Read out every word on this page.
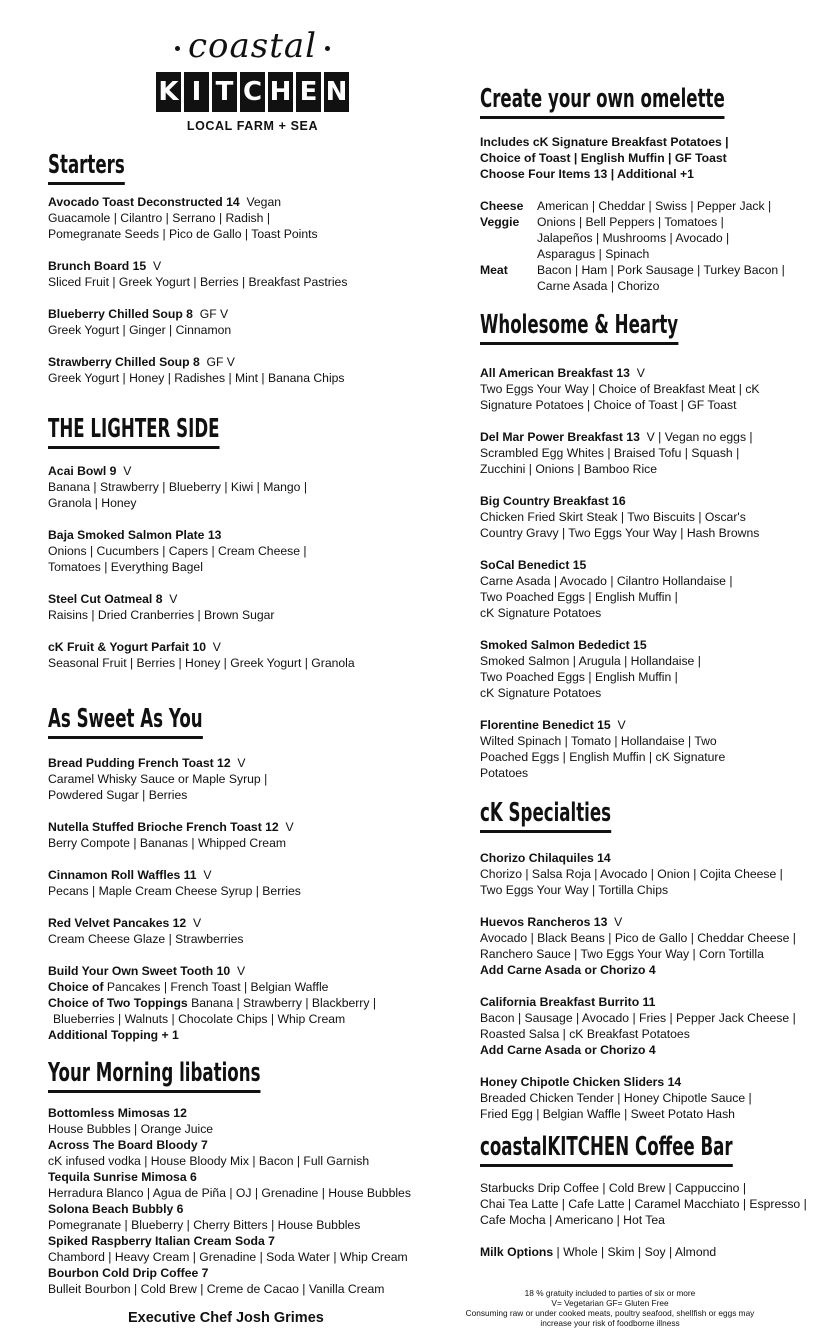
coastal
K I T C H E N
LOCAL FARM + SEA
Starters
Avocado Toast Deconstructed 14 Vegan
Guacamole | Cilantro | Serrano | Radish |
Pomegranate Seeds | Pico de Gallo | Toast Points
Brunch Board 15 V
Sliced Fruit | Greek Yogurt | Berries | Breakfast Pastries
Blueberry Chilled Soup 8 GF V
Greek Yogurt | Ginger | Cinnamon
Strawberry Chilled Soup 8 GF V
Greek Yogurt | Honey | Radishes | Mint | Banana Chips
THE LIGHTER SIDE
Acai Bowl 9 V
Banana | Strawberry | Blueberry | Kiwi | Mango |
Granola | Honey
Baja Smoked Salmon Plate 13
Onions | Cucumbers | Capers | Cream Cheese |
Tomatoes | Everything Bagel
Steel Cut Oatmeal 8 V
Raisins | Dried Cranberries | Brown Sugar
cK Fruit & Yogurt Parfait 10 V
Seasonal Fruit | Berries | Honey | Greek Yogurt | Granola
As Sweet As You
Bread Pudding French Toast 12 V
Caramel Whisky Sauce or Maple Syrup |
Powdered Sugar | Berries
Nutella Stuffed Brioche French Toast 12 V
Berry Compote | Bananas | Whipped Cream
Cinnamon Roll Waffles 11 V
Pecans | Maple Cream Cheese Syrup | Berries
Red Velvet Pancakes 12 V
Cream Cheese Glaze | Strawberries
Build Your Own Sweet Tooth 10 V
Choice of Pancakes | French Toast | Belgian Waffle
Choice of Two Toppings Banana | Strawberry | Blackberry |
Blueberries | Walnuts | Chocolate Chips | Whip Cream
Additional Topping + 1
Your Morning libations
Bottomless Mimosas 12
House Bubbles | Orange Juice
Across The Board Bloody 7
cK infused vodka | House Bloody Mix | Bacon | Full Garnish
Tequila Sunrise Mimosa 6
Herradura Blanco | Agua de Piña | OJ | Grenadine | House Bubbles
Solona Beach Bubbly 6
Pomegranate | Blueberry | Cherry Bitters | House Bubbles
Spiked Raspberry Italian Cream Soda 7
Chambord | Heavy Cream | Grenadine | Soda Water | Whip Cream
Bourbon Cold Drip Coffee 7
Bulleit Bourbon | Cold Brew | Creme de Cacao | Vanilla Cream
Executive Chef Josh Grimes
Create your own omelette
Includes cK Signature Breakfast Potatoes |
Choice of Toast | English Muffin | GF Toast
Choose Four Items 13 | Additional +1
Cheese	American | Cheddar | Swiss | Pepper Jack |
Veggie	Onions | Bell Peppers | Tomatoes |
Jalapeños | Mushrooms | Avocado |
Asparagus | Spinach
Meat	Bacon | Ham | Pork Sausage | Turkey Bacon |
Carne Asada | Chorizo
Wholesome & Hearty
All American Breakfast 13 V
Two Eggs Your Way | Choice of Breakfast Meat | cK
Signature Potatoes | Choice of Toast | GF Toast
Del Mar Power Breakfast 13 V | Vegan no eggs |
Scrambled Egg Whites | Braised Tofu | Squash |
Zucchini | Onions | Bamboo Rice
Big Country Breakfast 16
Chicken Fried Skirt Steak | Two Biscuits | Oscar's
Country Gravy | Two Eggs Your Way | Hash Browns
SoCal Benedict 15
Carne Asada | Avocado | Cilantro Hollandaise |
Two Poached Eggs | English Muffin |
cK Signature Potatoes
Smoked Salmon Bededict 15
Smoked Salmon | Arugula | Hollandaise |
Two Poached Eggs | English Muffin |
cK Signature Potatoes
Florentine Benedict 15 V
Wilted Spinach | Tomato | Hollandaise | Two
Poached Eggs | English Muffin | cK Signature
Potatoes
cK Specialties
Chorizo Chilaquiles 14
Chorizo | Salsa Roja | Avocado | Onion | Cojita Cheese |
Two Eggs Your Way | Tortilla Chips
Huevos Rancheros 13 V
Avocado | Black Beans | Pico de Gallo | Cheddar Cheese |
Ranchero Sauce | Two Eggs Your Way | Corn Tortilla
Add Carne Asada or Chorizo 4
California Breakfast Burrito 11
Bacon | Sausage | Avocado | Fries | Pepper Jack Cheese |
Roasted Salsa | cK Breakfast Potatoes
Add Carne Asada or Chorizo 4
Honey Chipotle Chicken Sliders 14
Breaded Chicken Tender | Honey Chipotle Sauce |
Fried Egg | Belgian Waffle | Sweet Potato Hash
coastalKITCHEN Coffee Bar
Starbucks Drip Coffee | Cold Brew | Cappuccino |
Chai Tea Latte | Cafe Latte | Caramel Macchiato | Espresso |
Cafe Mocha | Americano | Hot Tea
Milk Options | Whole | Skim | Soy | Almond
18 % gratuity included to parties of six or more
V= Vegetarian GF= Gluten Free
Consuming raw or under cooked meats, poultry seafood, shellfish or eggs may
increase your risk of foodborne illness
